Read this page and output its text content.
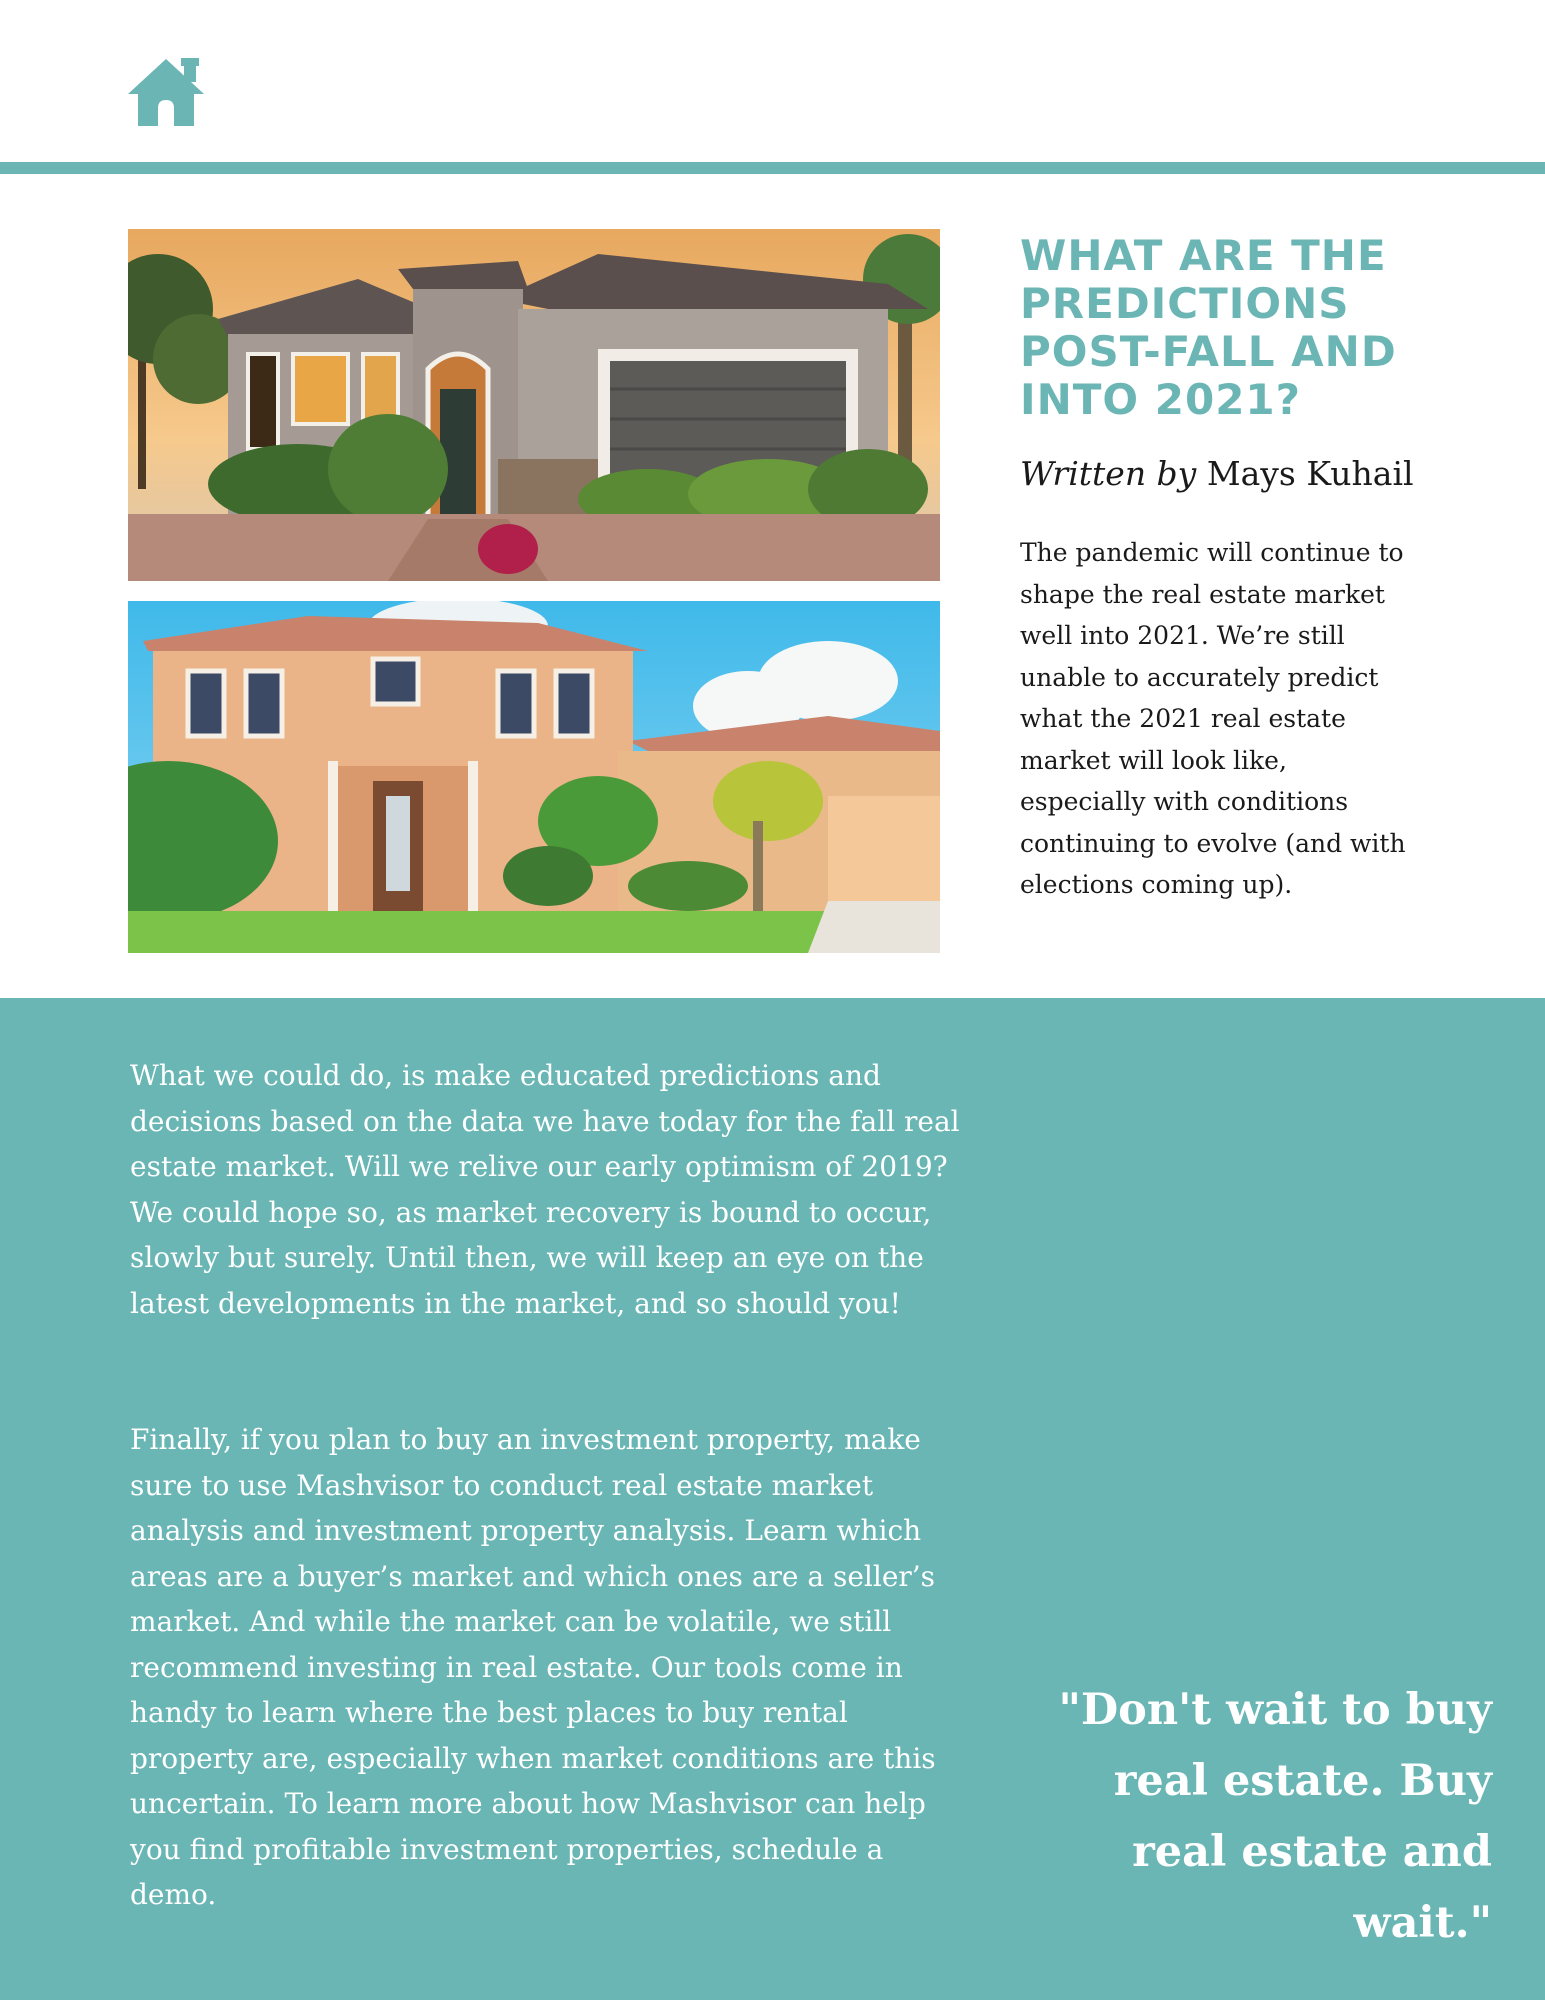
WHAT ARE THE PREDICTIONS POST-FALL AND INTO 2021?
Written by Mays Kuhail

The pandemic will continue to shape the real estate market well into 2021. We’re still unable to accurately predict what the 2021 real estate market will look like, especially with conditions continuing to evolve (and with elections coming up).

What we could do, is make educated predictions and decisions based on the data we have today for the fall real estate market. Will we relive our early optimism of 2019? We could hope so, as market recovery is bound to occur, slowly but surely. Until then, we will keep an eye on the latest developments in the market, and so should you!

Finally, if you plan to buy an investment property, make sure to use Mashvisor to conduct real estate market analysis and investment property analysis. Learn which areas are a buyer’s market and which ones are a seller’s market. And while the market can be volatile, we still recommend investing in real estate. Our tools come in handy to learn where the best places to buy rental property are, especially when market conditions are this uncertain. To learn more about how Mashvisor can help you find profitable investment properties, schedule a demo.

"Don't wait to buy real estate. Buy real estate and wait."
